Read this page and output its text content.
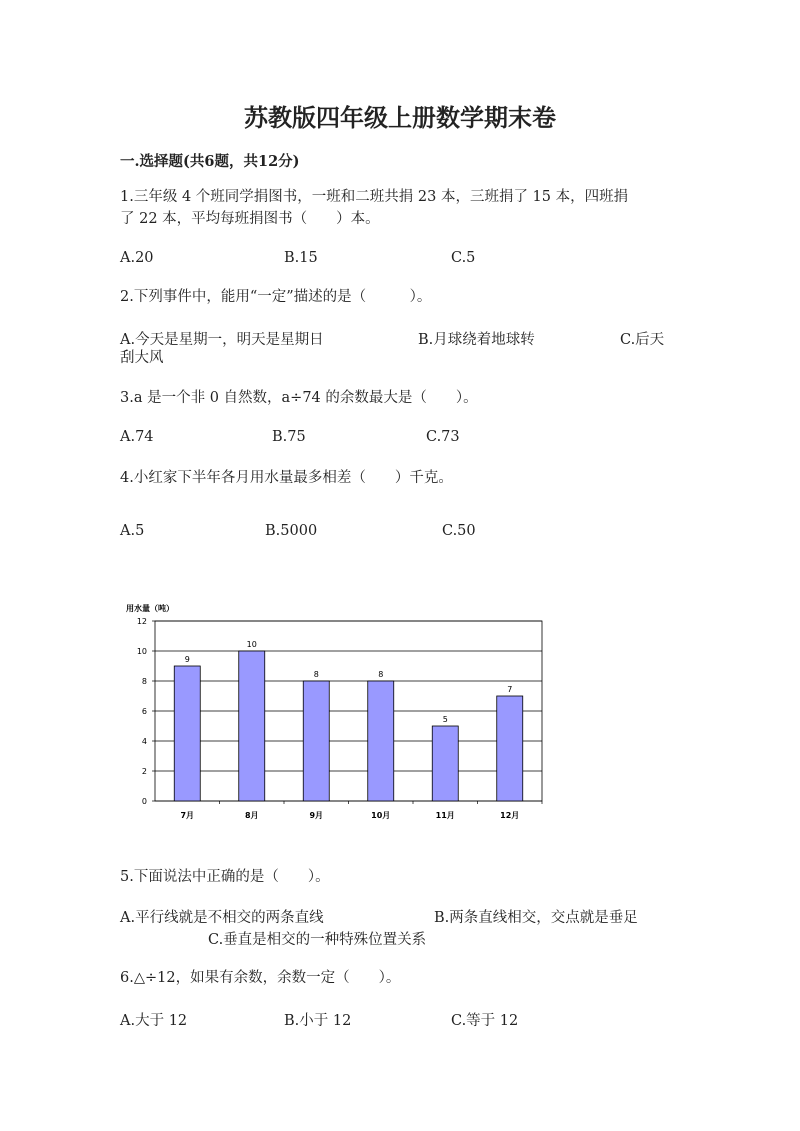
苏教版四年级上册数学期末卷
一.选择题(共6题，共12分)
1.三年级 4 个班同学捐图书，一班和二班共捐 23 本，三班捐了 15 本，四班捐
了 22 本，平均每班捐图书（　　）本。
A.20	B.15	C.5
2.下列事件中，能用“一定”描述的是（　　　）。
A.今天是星期一，明天是星期日	B.月球绕着地球转	C.后天
刮大风
3.a 是一个非 0 自然数，a÷74 的余数最大是（　　）。
A.74	B.75	C.73
4.小红家下半年各月用水量最多相差（　　）千克。
A.5	B.5000	C.50
用水量（吨）
0
2
4
6
8
10
12
9
7月
10
8月
8
9月
8
10月
5
11月
7
12月
5.下面说法中正确的是（　　）。
A.平行线就是不相交的两条直线	B.两条直线相交，交点就是垂足
C.垂直是相交的一种特殊位置关系
6.△÷12，如果有余数，余数一定（　　）。
A.大于 12	B.小于 12	C.等于 12
